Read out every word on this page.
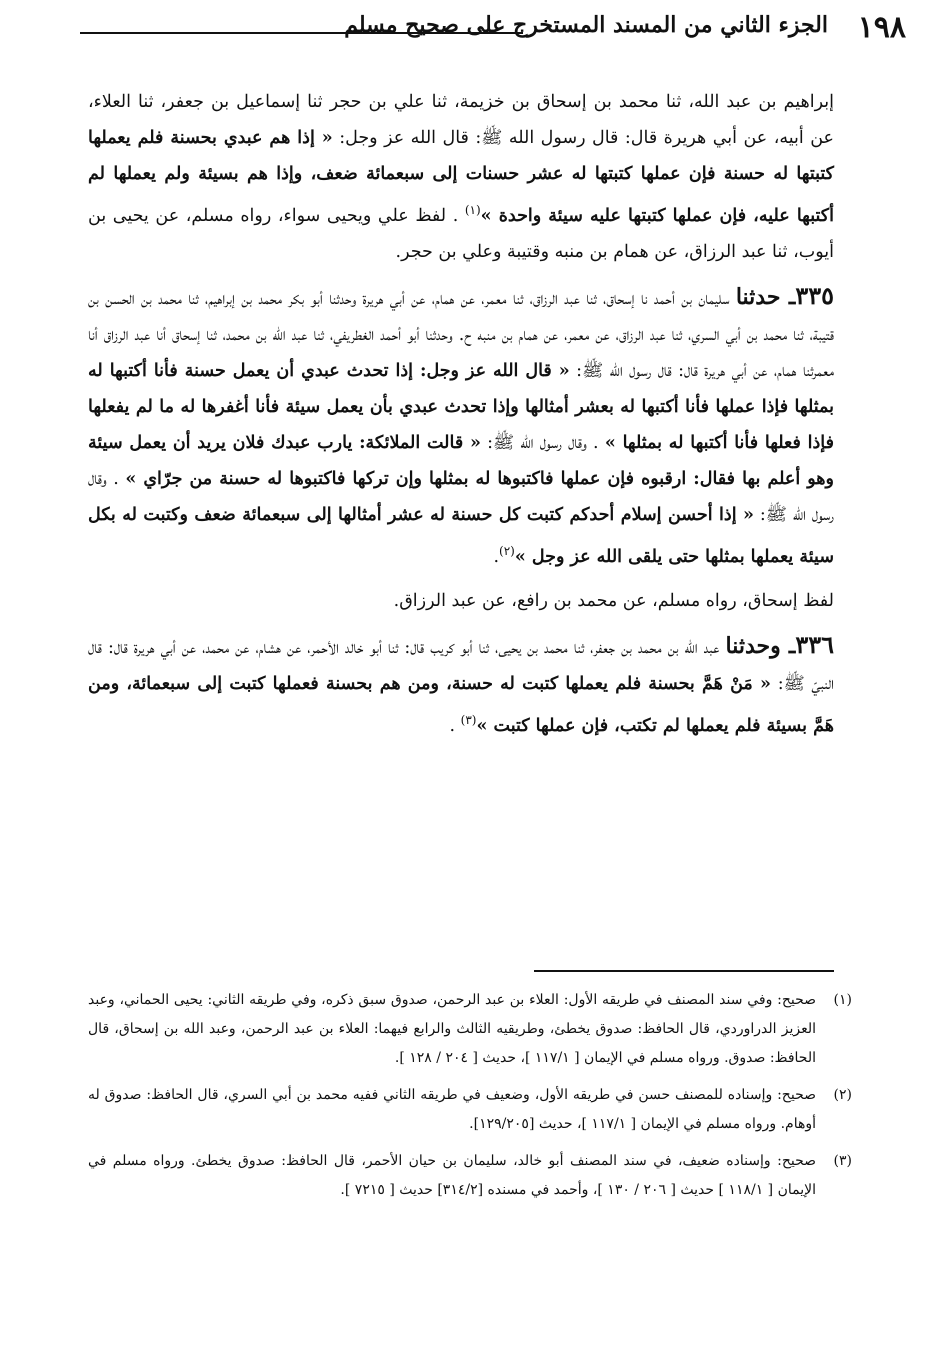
١٩٨
الجزء الثاني من المسند المستخرج على صحيح مسلم

إبراهيم بن عبد الله، ثنا محمد بن إسحاق بن خزيمة، ثنا علي بن حجر ثنا إسماعيل بن جعفر، ثنا العلاء، عن أبيه، عن أبي هريرة قال: قال رسول الله ﷺ: قال الله عز وجل: « إذا هم عبدي بحسنة فلم يعملها كتبتها له حسنة فإن عملها كتبتها له عشر حسنات إلى سبعمائة ضعف، وإذا هم بسيئة ولم يعملها لم أكتبها عليه، فإن عملها كتبتها عليه سيئة واحدة »$^{(١)}$ . لفظ علي ويحيى سواء، رواه مسلم، عن يحيى بن أيوب، ثنا عبد الرزاق، عن همام بن منبه وقتيبة وعلي بن حجر.

٣٣٥ـ حدثنا سليمان بن أحمد نا إسحاق، ثنا عبد الرزاق، ثنا معمر، عن همام، عن أبي هريرة وحدثنا أبو بكر محمد بن إبراهيم، ثنا محمد بن الحسن بن قتيبة، ثنا محمد بن أبي السري، ثنا عبد الرزاق، عن معمر، عن همام بن منبه ح. وحدثنا أبو أحمد الغطريفي، ثنا عبد الله بن محمد، ثنا إسحاق أنا عبد الرزاق أنا معمرثنا همام، عن أبي هريرة قال: قال رسول الله ﷺ: « قال الله عز وجل: إذا تحدث عبدي أن يعمل حسنة فأنا أكتبها له بمثلها فإذا عملها فأنا أكتبها له بعشر أمثالها وإذا تحدث عبدي بأن يعمل سيئة فأنا أغفرها له ما لم يفعلها فإذا فعلها فأنا أكتبها له بمثلها » . وقال رسول الله ﷺ: « قالت الملائكة: يارب عبدك فلان يريد أن يعمل سيئة وهو أعلم بها فقال: ارقبوه فإن عملها فاكتبوها له بمثلها وإن تركها فاكتبوها له حسنة من جرّاي » . وقال رسول الله ﷺ: « إذا أحسن إسلام أحدكم كتبت كل حسنة له عشر أمثالها إلى سبعمائة ضعف وكتبت له بكل سيئة يعملها بمثلها حتى يلقى الله عز وجل »$^{(٢)}$.

لفظ إسحاق، رواه مسلم، عن محمد بن رافع، عن عبد الرزاق.

٣٣٦ـ وحدثنا عبد الله بن محمد بن جعفر، ثنا محمد بن يحيى، ثنا أبو كريب قال: ثنا أبو خالد الأحمر، عن هشام، عن محمد، عن أبي هريرة قال: قال النبيّ ﷺ: « مَنْ هَمَّ بحسنة فلم يعملها كتبت له حسنة، ومن هم بحسنة فعملها كتبت إلى سبعمائة، ومن هَمَّ بسيئة فلم يعملها لم تكتب، فإن عملها كتبت »$^{(٣)}$ .

(١)
صحيح: وفي سند المصنف في طريقه الأول: العلاء بن عبد الرحمن، صدوق سبق ذكره، وفي طريقه الثاني: يحيى الحماني، وعبد العزيز الدراوردي، قال الحافظ: صدوق يخطئ، وطريقيه الثالث والرابع فيهما: العلاء بن عبد الرحمن، وعبد الله بن إسحاق، قال الحافظ: صدوق. ورواه مسلم في الإيمان [ ١١٧/١ ]، حديث [ ٢٠٤ / ١٢٨ ].
(٢)
صحيح: وإسناده للمصنف حسن في طريقه الأول، وضعيف في طريقه الثاني ففيه محمد بن أبي السري، قال الحافظ: صدوق له أوهام. ورواه مسلم في الإيمان [ ١١٧/١ ]، حديث [١٢٩/٢٠٥].
(٣)
صحيح: وإسناده ضعيف، في سند المصنف أبو خالد، سليمان بن حيان الأحمر، قال الحافظ: صدوق يخطئ. ورواه مسلم في الإيمان [ ١١٨/١ ] حديث [ ٢٠٦ / ١٣٠ ]، وأحمد في مسنده [٣١٤/٢] حديث [ ٧٢١٥ ].
